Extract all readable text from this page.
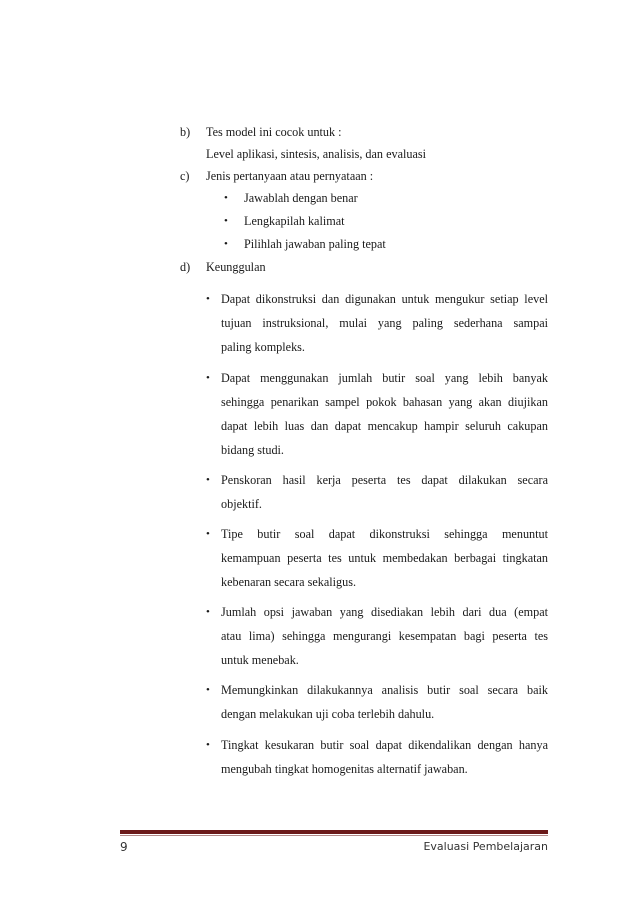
b) Tes model ini cocok untuk :
Level aplikasi, sintesis, analisis, dan evaluasi
c) Jenis pertanyaan atau pernyataan :
• Jawablah dengan benar
• Lengkapilah kalimat
• Pilihlah jawaban paling tepat
d) Keunggulan
• Dapat dikonstruksi dan digunakan untuk mengukur setiap level
tujuan instruksional, mulai yang paling sederhana sampai
paling kompleks.
• Dapat menggunakan jumlah butir soal yang lebih banyak
sehingga penarikan sampel pokok bahasan yang akan diujikan
dapat lebih luas dan dapat mencakup hampir seluruh cakupan
bidang studi.
• Penskoran hasil kerja peserta tes dapat dilakukan secara
objektif.
• Tipe butir soal dapat dikonstruksi sehingga menuntut
kemampuan peserta tes untuk membedakan berbagai tingkatan
kebenaran secara sekaligus.
• Jumlah opsi jawaban yang disediakan lebih dari dua (empat
atau lima) sehingga mengurangi kesempatan bagi peserta tes
untuk menebak.
• Memungkinkan dilakukannya analisis butir soal secara baik
dengan melakukan uji coba terlebih dahulu.
• Tingkat kesukaran butir soal dapat dikendalikan dengan hanya
mengubah tingkat homogenitas alternatif jawaban.
9	Evaluasi Pembelajaran
